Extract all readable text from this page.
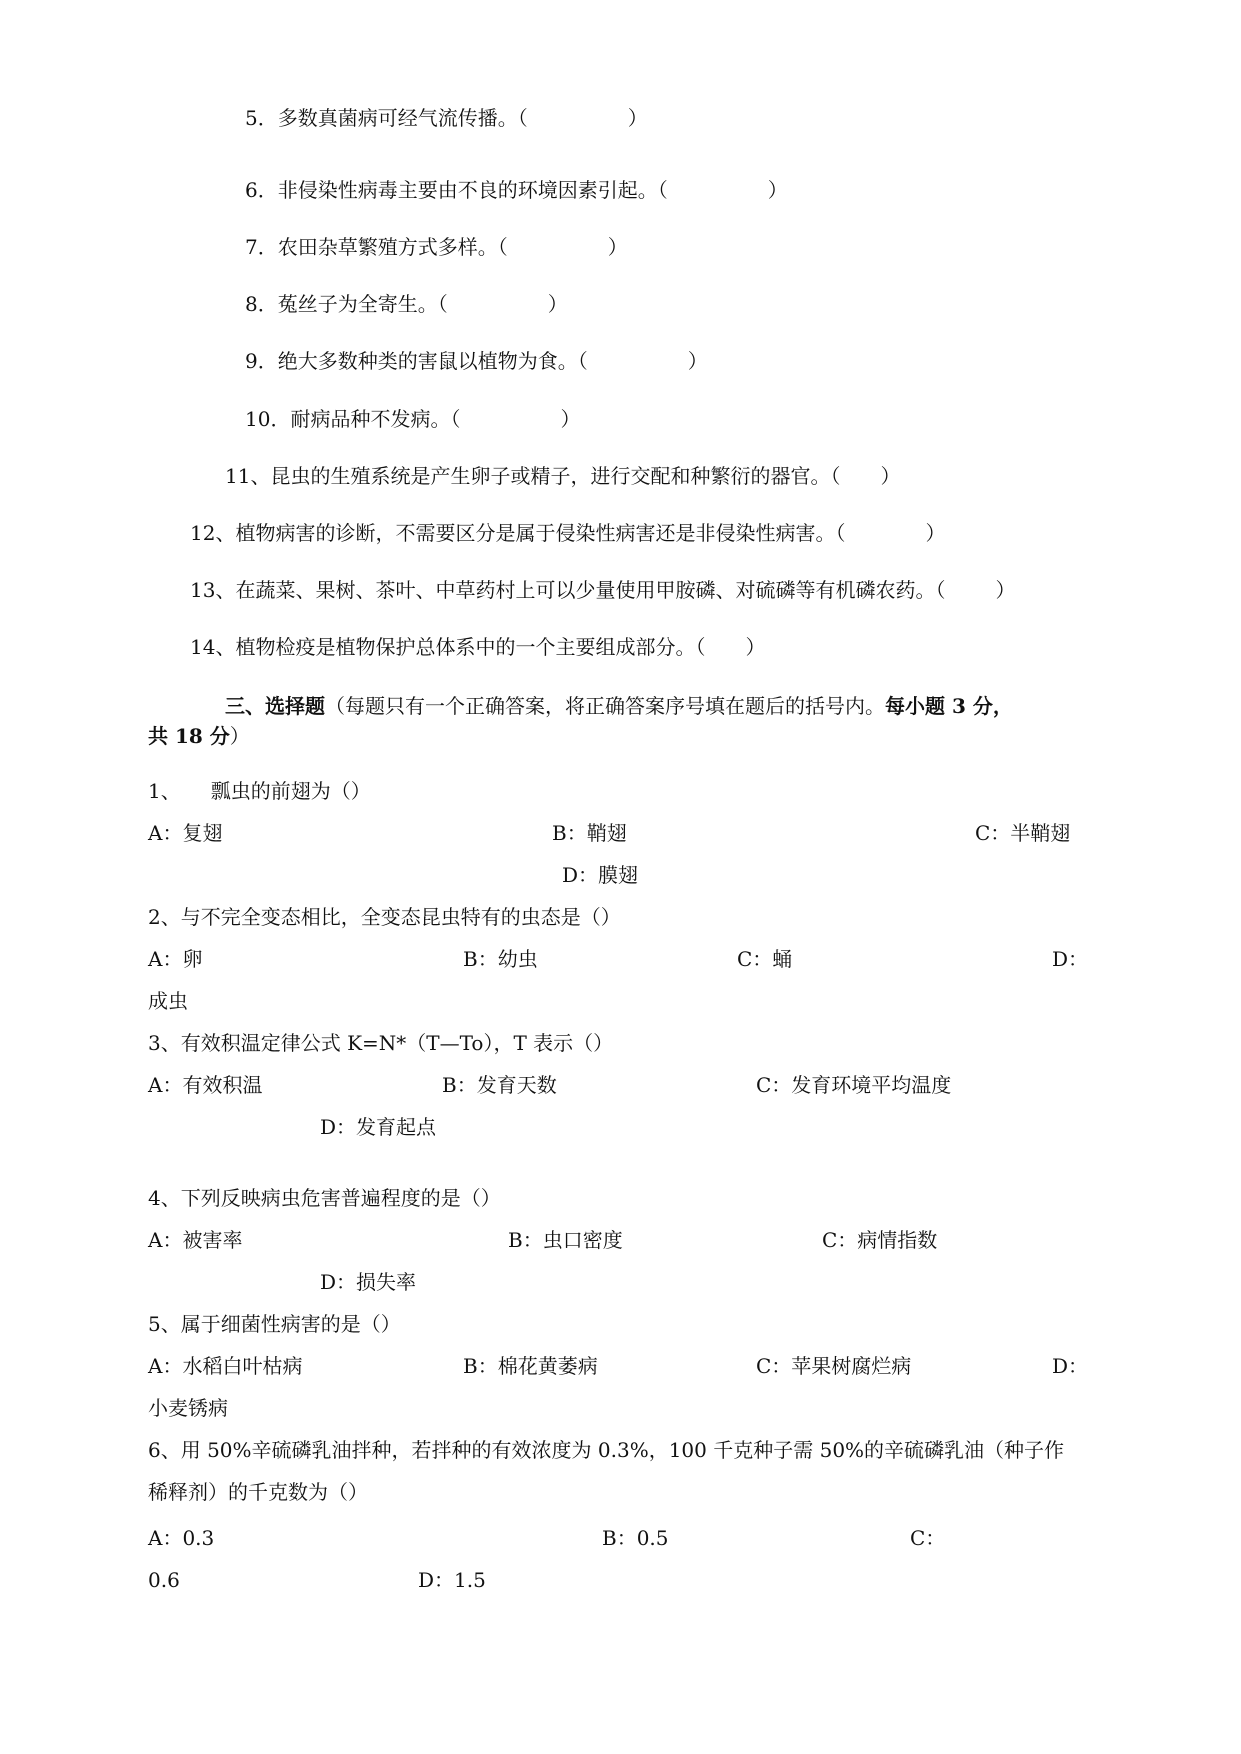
5．多数真菌病可经气流传播。（	）
6．非侵染性病毒主要由不良的环境因素引起。（	）
7．农田杂草繁殖方式多样。（	）
8．菟丝子为全寄生。（	）
9．绝大多数种类的害鼠以植物为食。（	）
10．耐病品种不发病。（	）
11、昆虫的生殖系统是产生卵子或精子，进行交配和种繁衍的器官。（ ）
12、植物病害的诊断，不需要区分是属于侵染性病害还是非侵染性病害。（	）
13、在蔬菜、果树、茶叶、中草药村上可以少量使用甲胺磷、对硫磷等有机磷农药。（	）
14、植物检疫是植物保护总体系中的一个主要组成部分。（ ）
三、选择题（每题只有一个正确答案，将正确答案序号填在题后的括号内。每小题 3 分，
共 18 分）
1、　　瓢虫的前翅为（）
A：复翅	B：鞘翅	C：半鞘翅
D：膜翅
2、与不完全变态相比，全变态昆虫特有的虫态是（）
A：卵	B：幼虫	C：蛹	D：
成虫
3、有效积温定律公式 K=N*（T—To），T 表示（）
A：有效积温	B：发育天数	C：发育环境平均温度
D：发育起点
4、下列反映病虫危害普遍程度的是（）
A：被害率	B：虫口密度	C：病情指数
D：损失率
5、属于细菌性病害的是（）
A：水稻白叶枯病	B：棉花黄萎病	C：苹果树腐烂病	D：
小麦锈病
6、用 50%辛硫磷乳油拌种，若拌种的有效浓度为 0.3%，100 千克种子需 50%的辛硫磷乳油（种子作
稀释剂）的千克数为（）
A：0.3	B：0.5	C：
0.6	D：1.5
